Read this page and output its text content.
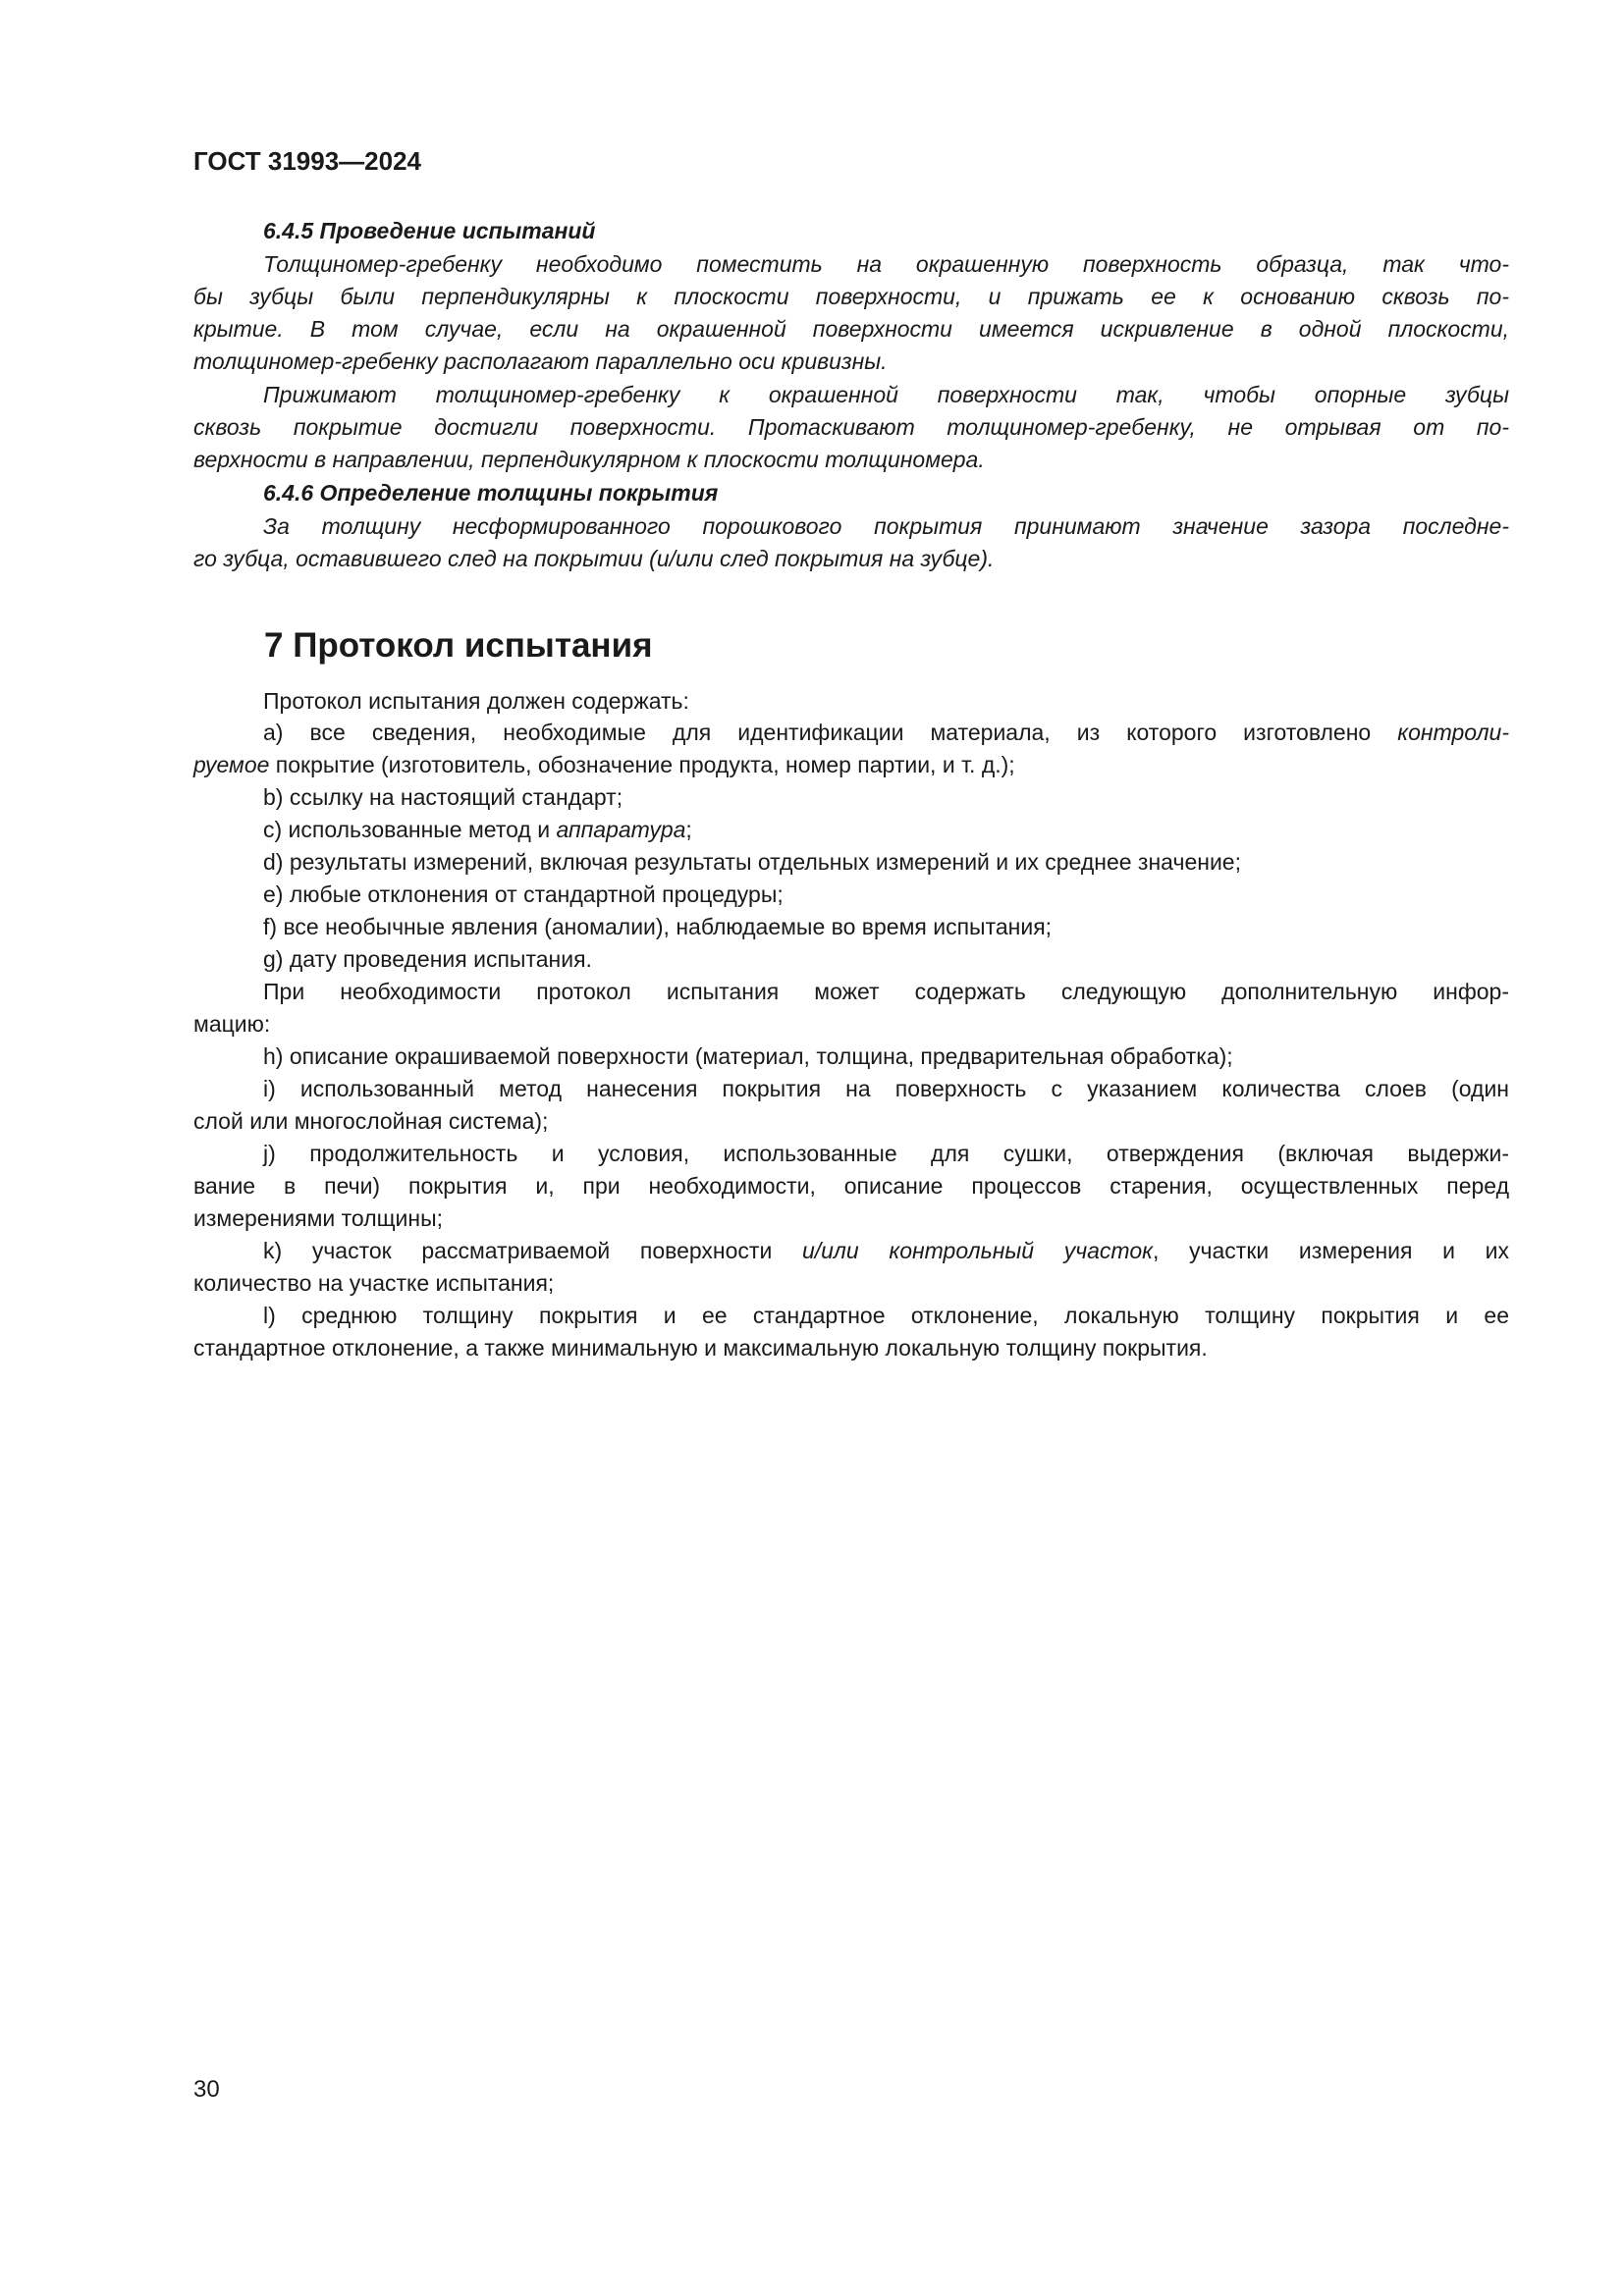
ГОСТ 31993—2024
6.4.5 Проведение испытаний
Толщиномер-гребенку необходимо поместить на окрашенную поверхность образца, так что-
бы зубцы были перпендикулярны к плоскости поверхности, и прижать ее к основанию сквозь по-
крытие. В том случае, если на окрашенной поверхности имеется искривление в одной плоскости,
толщиномер-гребенку располагают параллельно оси кривизны.
Прижимают толщиномер-гребенку к окрашенной поверхности так, чтобы опорные зубцы
сквозь покрытие достигли поверхности. Протаскивают толщиномер-гребенку, не отрывая от по-
верхности в направлении, перпендикулярном к плоскости толщиномера.
6.4.6 Определение толщины покрытия
За толщину несформированного порошкового покрытия принимают значение зазора последне-
го зубца, оставившего след на покрытии (и/или след покрытия на зубце).
7 Протокол испытания
Протокол испытания должен содержать:
a) все сведения, необходимые для идентификации материала, из которого изготовлено контроли-
руемое покрытие (изготовитель, обозначение продукта, номер партии, и т. д.);
b) ссылку на настоящий стандарт;
c) использованные метод и аппаратура;
d) результаты измерений, включая результаты отдельных измерений и их среднее значение;
e) любые отклонения от стандартной процедуры;
f) все необычные явления (аномалии), наблюдаемые во время испытания;
g) дату проведения испытания.
При необходимости протокол испытания может содержать следующую дополнительную инфор-
мацию:
h) описание окрашиваемой поверхности (материал, толщина, предварительная обработка);
i) использованный метод нанесения покрытия на поверхность с указанием количества слоев (один
слой или многослойная система);
j) продолжительность и условия, использованные для сушки, отверждения (включая выдержи-
вание в печи) покрытия и, при необходимости, описание процессов старения, осуществленных перед
измерениями толщины;
k) участок рассматриваемой поверхности и/или контрольный участок, участки измерения и их
количество на участке испытания;
l) среднюю толщину покрытия и ее стандартное отклонение, локальную толщину покрытия и ее
стандартное отклонение, а также минимальную и максимальную локальную толщину покрытия.
30
